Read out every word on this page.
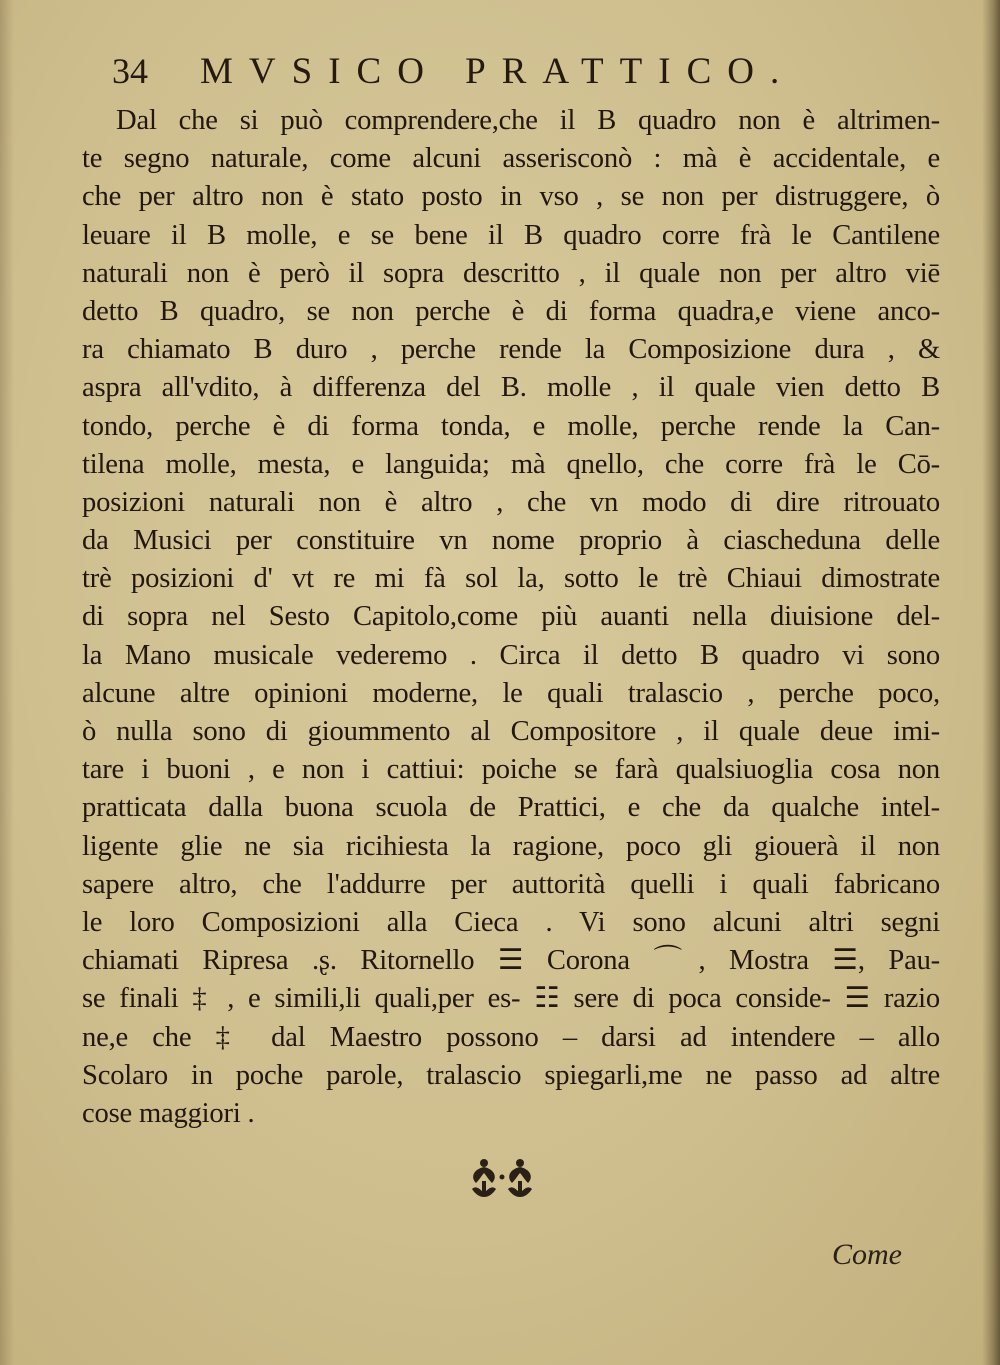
34	MVSICO PRATTICO.
Dal che si può comprendere,che il B quadro non è altrimen-
te segno naturale, come alcuni asserisconò : mà è accidentale, e
che per altro non è stato posto in vso , se non per distruggere, ò
leuare il B molle, e se bene il B quadro corre frà le Cantilene
naturali non è però il sopra descritto , il quale non per altro viē
detto B quadro, se non perche è di forma quadra,e viene anco-
ra chiamato B duro , perche rende la Composizione dura , &
aspra all'vdito, à differenza del B. molle , il quale vien detto B
tondo, perche è di forma tonda, e molle, perche rende la Can-
tilena molle, mesta, e languida; mà qnello, che corre frà le Cō-
posizioni naturali non è altro , che vn modo di dire ritrouato
da Musici per constituire vn nome proprio à ciascheduna delle
trè posizioni d' vt re mi fà sol la, sotto le trè Chiaui dimostrate
di sopra nel Sesto Capitolo,come più auanti nella diuisione del-
la Mano musicale vederemo . Circa il detto B quadro vi sono
alcune altre opinioni moderne, le quali tralascio , perche poco,
ò nulla sono di gioummento al Compositore , il quale deue imi-
tare i buoni , e non i cattiui: poiche se farà qualsiuoglia cosa non
pratticata dalla buona scuola de Prattici, e che da qualche intel-
ligente glie ne sia ricihiesta la ragione, poco gli giouerà il non
sapere altro, che l'addurre per auttorità quelli i quali fabricano
le loro Composizioni alla Cieca . Vi sono alcuni altri segni
chiamati Ripresa .ʂ. Ritornello ☰ Corona ⌒, Mostra ☰, Pau-
se finali ‡ , e simili,li quali,per es- ☷ sere di poca conside- ☰ razio
ne,e che ‡ dal Maestro possono ‒ darsi ad intendere ‒ allo
Scolaro in poche parole, tralascio spiegarli,me ne passo ad altre
cose maggiori .
Come
